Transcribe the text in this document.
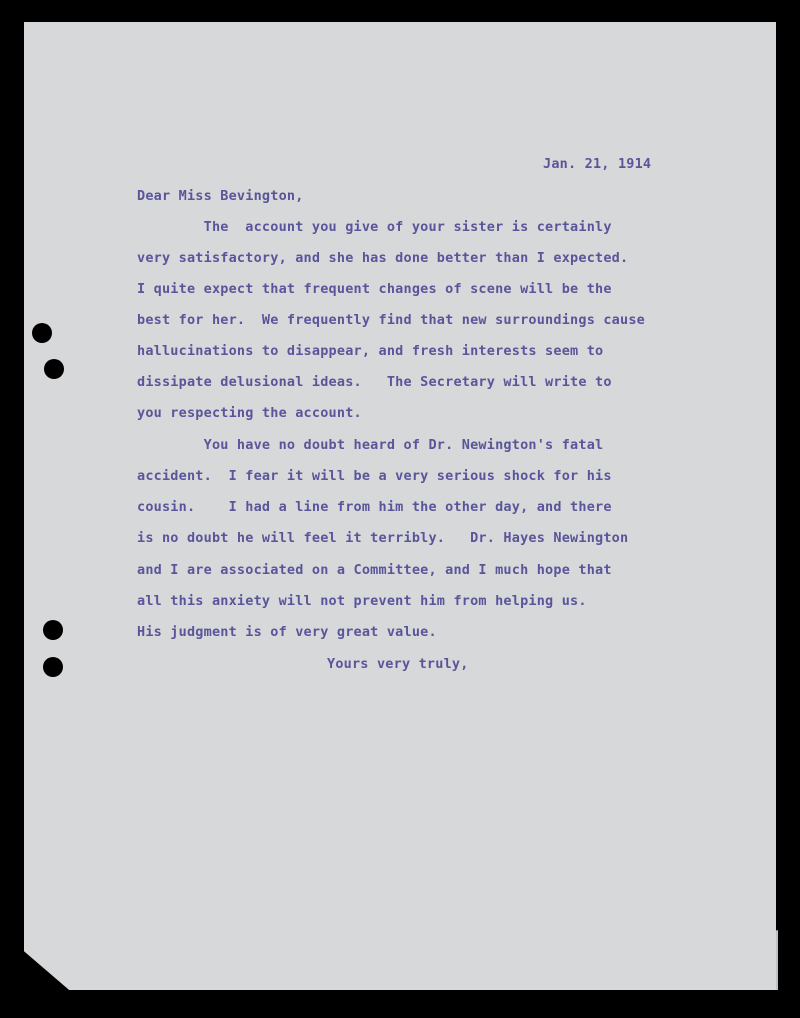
Jan. 21, 1914
Dear Miss Bevington,
The  account you give of your sister is certainly
very satisfactory, and she has done better than I expected.
I quite expect that frequent changes of scene will be the
best for her.  We frequently find that new surroundings cause
hallucinations to disappear, and fresh interests seem to
dissipate delusional ideas.   The Secretary will write to
you respecting the account.
You have no doubt heard of Dr. Newington's fatal
accident.  I fear it will be a very serious shock for his
cousin.    I had a line from him the other day, and there
is no doubt he will feel it terribly.   Dr. Hayes Newington
and I are associated on a Committee, and I much hope that
all this anxiety will not prevent him from helping us.
His judgment is of very great value.
Yours very truly,
